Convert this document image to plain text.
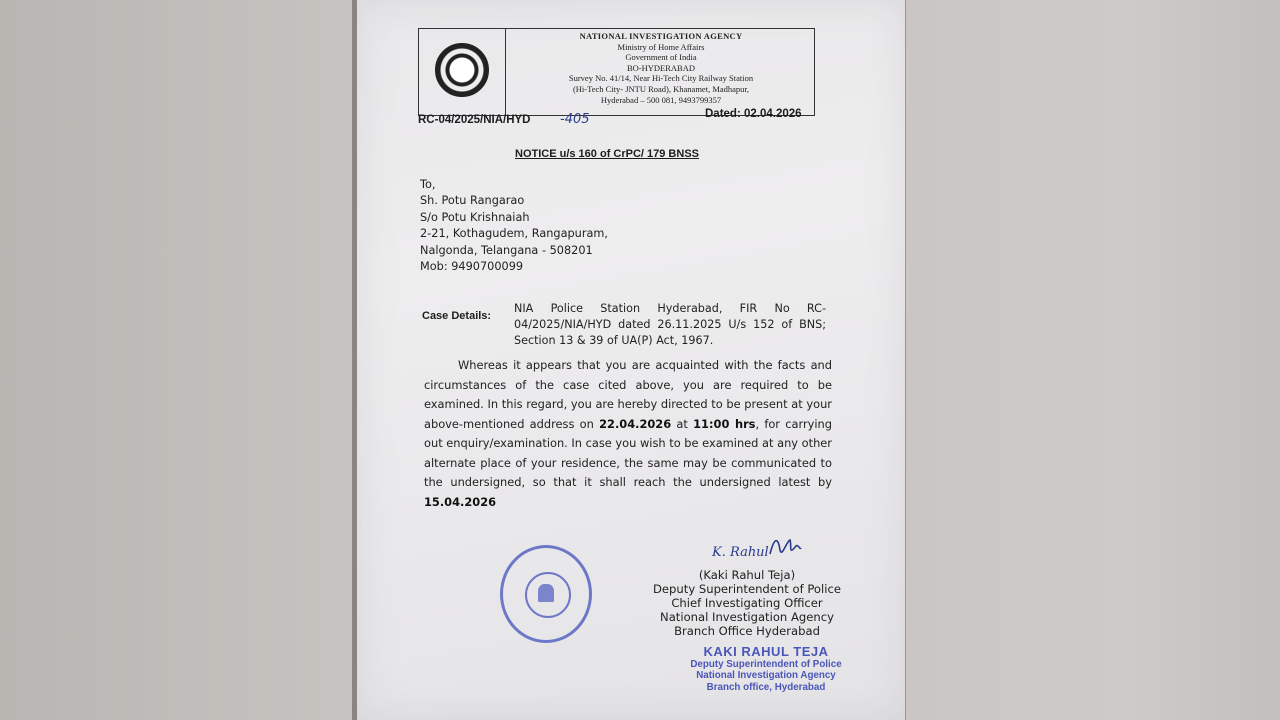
NATIONAL INVESTIGATION AGENCY
Ministry of Home Affairs
Government of India
BO-HYDERABAD
Survey No. 41/14, Near Hi-Tech City Railway Station
(Hi-Tech City- JNTU Road), Khanamet, Madhapur,
Hyderabad – 500 081, 9493799357
RC-04/2025/NIA/HYD -405	Dated: 02.04.2026
NOTICE u/s 160 of CrPC/ 179 BNSS
To,
Sh. Potu Rangarao
S/o Potu Krishnaiah
2-21, Kothagudem, Rangapuram,
Nalgonda, Telangana - 508201
Mob: 9490700099
Case Details:
NIA Police Station Hyderabad, FIR No RC-04/2025/NIA/HYD dated 26.11.2025 U/s 152 of BNS; Section 13 & 39 of UA(P) Act, 1967.
Whereas it appears that you are acquainted with the facts and circumstances of the case cited above, you are required to be examined. In this regard, you are hereby directed to be present at your above-mentioned address on 22.04.2026 at 11:00 hrs, for carrying out enquiry/examination. In case you wish to be examined at any other alternate place of your residence, the same may be communicated to the undersigned, so that it shall reach the undersigned latest by 15.04.2026
K. Rahul
(Kaki Rahul Teja)
Deputy Superintendent of Police
Chief Investigating Officer
National Investigation Agency
Branch Office Hyderabad
KAKI RAHUL TEJA
Deputy Superintendent of Police
National Investigation Agency
Branch office, Hyderabad
